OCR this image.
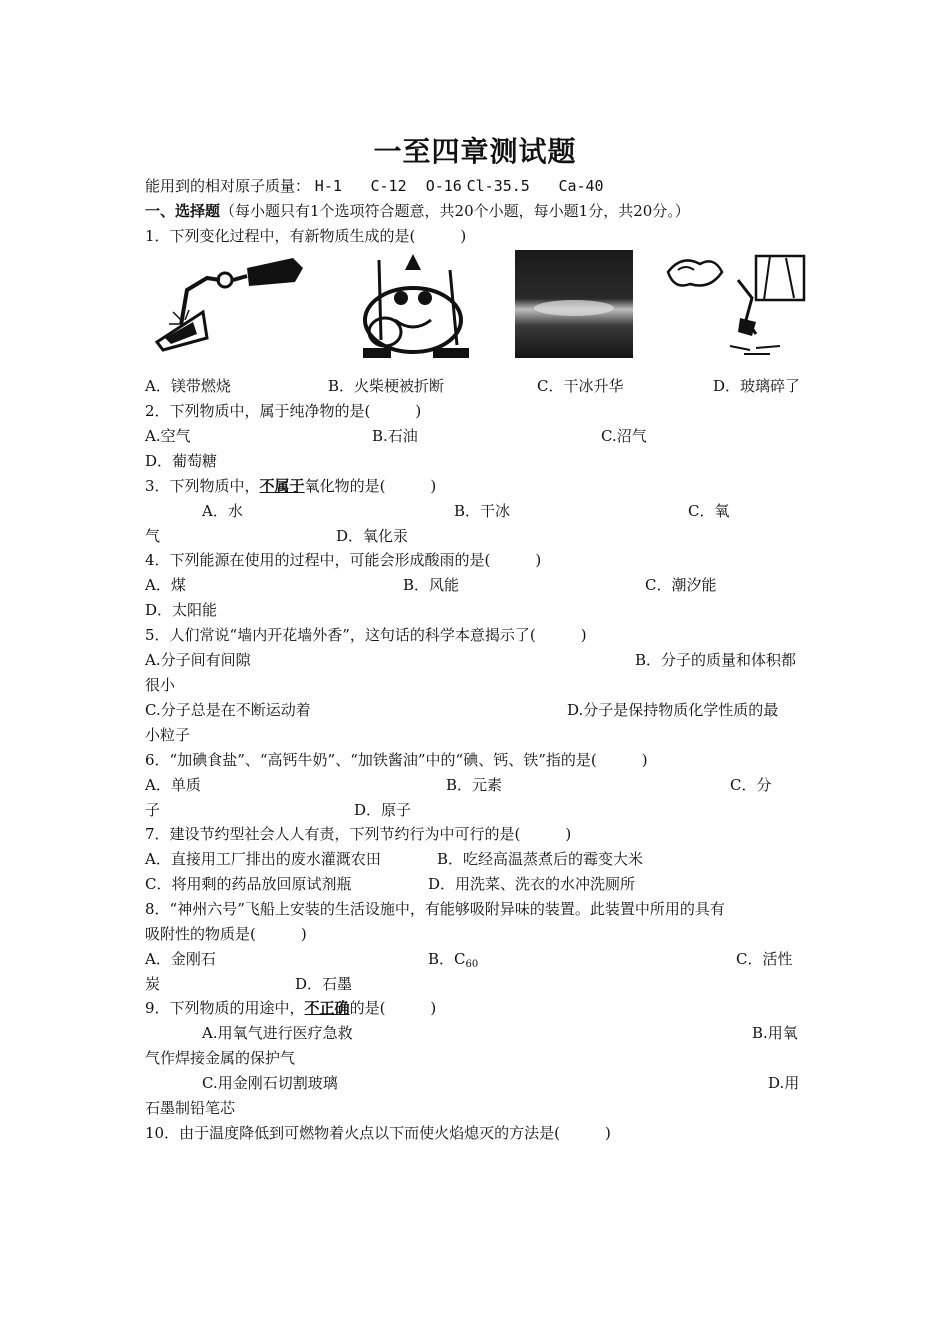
一至四章测试题
能用到的相对原子质量： H-1 C-12 O-16 Cl-35.5 Ca-40
一、选择题（每小题只有1个选项符合题意，共20个小题，每小题1分，共20分。）
1．下列变化过程中，有新物质生成的是(　　　)
A．镁带燃烧	B．火柴梗被折断	C．干冰升华	D．玻璃碎了
2．下列物质中，属于纯净物的是(　　　)
A.空气	B.石油	C.沼气
D．葡萄糖
3．下列物质中，不属于氧化物的是(　　　)
A．水	B．干冰	C．氧
气	D．氧化汞
4．下列能源在使用的过程中，可能会形成酸雨的是(　　　)
A．煤	B．风能	C．潮汐能
D．太阳能
5．人们常说“墙内开花墙外香”，这句话的科学本意揭示了(　　　)
A.分子间有间隙	B．分子的质量和体积都
很小
C.分子总是在不断运动着	D.分子是保持物质化学性质的最
小粒子
6．“加碘食盐”、“高钙牛奶”、“加铁酱油”中的“碘、钙、铁”指的是(　　　)
A．单质	B．元素	C．分
子	D．原子
7．建设节约型社会人人有责，下列节约行为中可行的是(　　　)
A．直接用工厂排出的废水灌溉农田	B．吃经高温蒸煮后的霉变大米
C．将用剩的药品放回原试剂瓶	D．用洗菜、洗衣的水冲洗厕所
8．“神州六号”飞船上安装的生活设施中，有能够吸附异味的装置。此装置中所用的具有
吸附性的物质是(　　　)
A．金刚石	B．$C_{60}$	C．活性
炭	D．石墨
9．下列物质的用途中，不正确的是(　　　)
A.用氧气进行医疗急救	B.用氧
气作焊接金属的保护气
C.用金刚石切割玻璃	D.用
石墨制铅笔芯
10．由于温度降低到可燃物着火点以下而使火焰熄灭的方法是(　　　)
